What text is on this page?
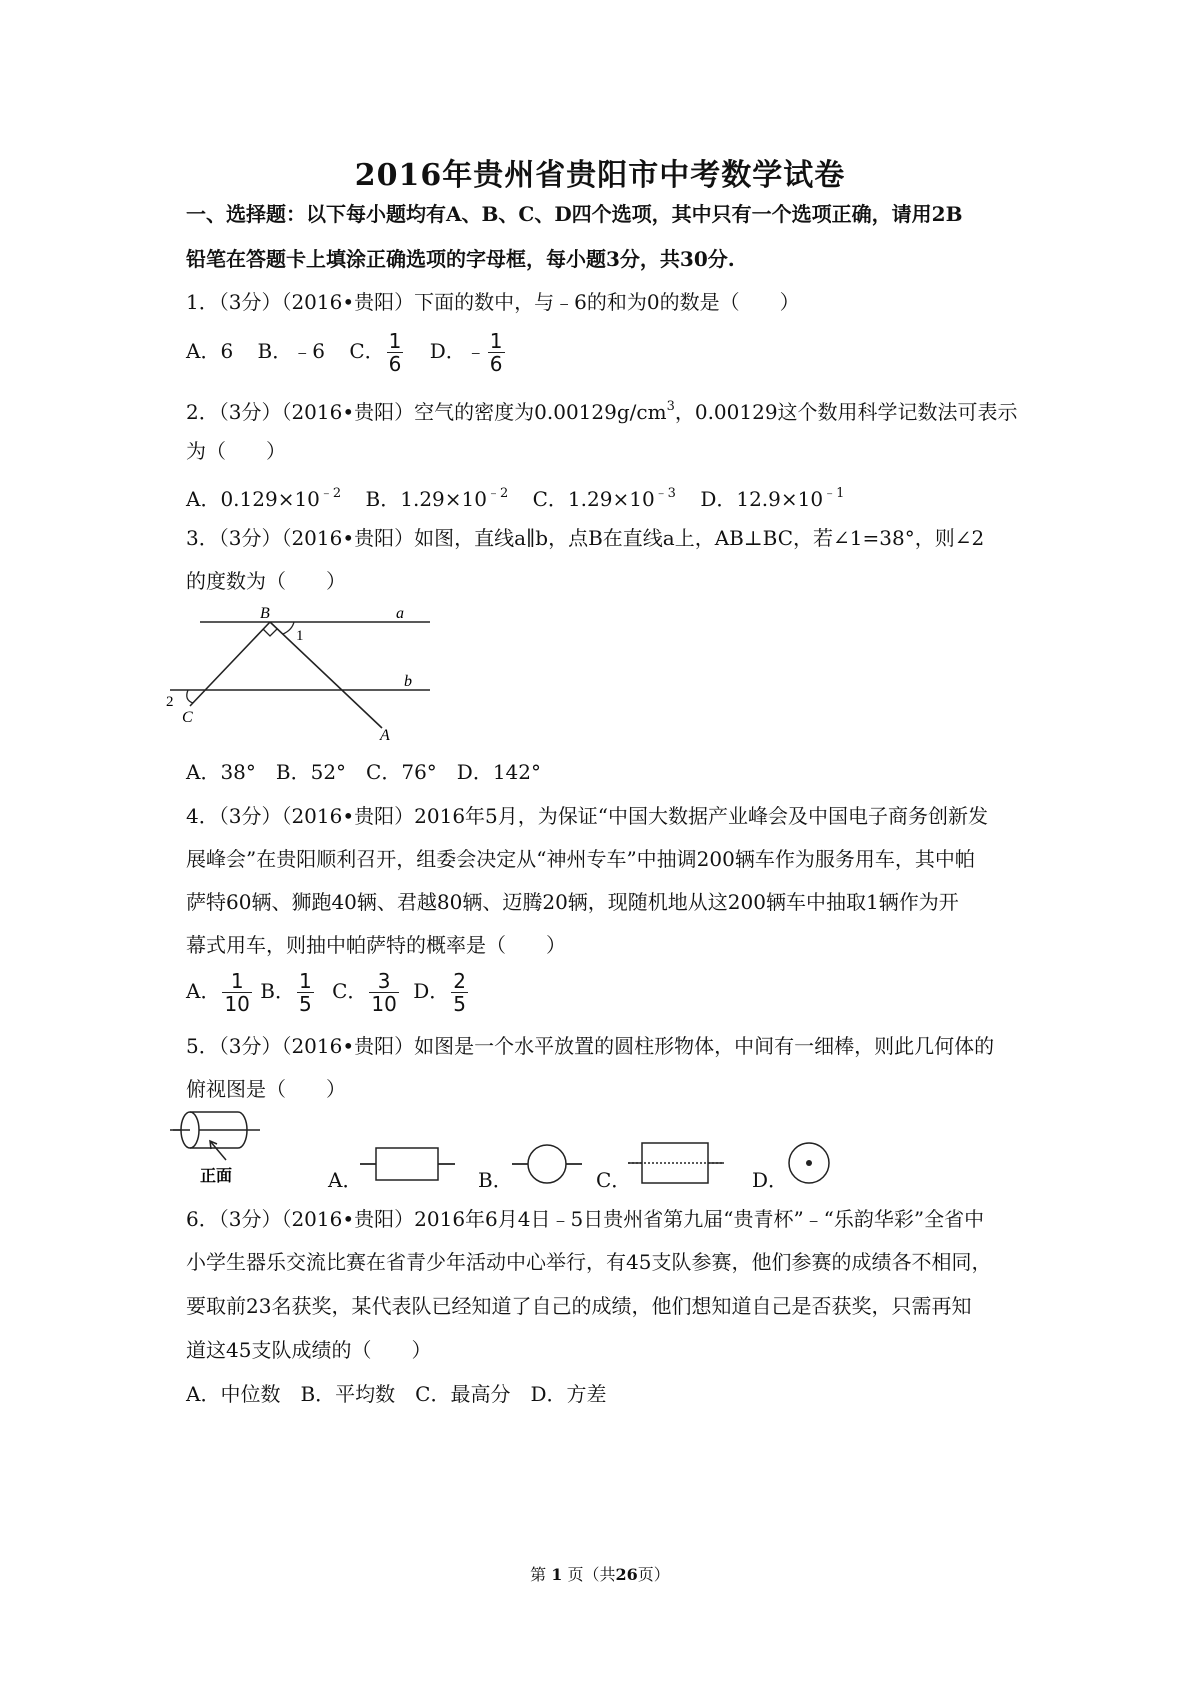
2016年贵州省贵阳市中考数学试卷
一、选择题：以下每小题均有A、B、C、D四个选项，其中只有一个选项正确，请用2B
铅笔在答题卡上填涂正确选项的字母框，每小题3分，共30分.
1．（3分）（2016•贵阳）下面的数中，与﹣6的和为0的数是（　　）
A．6 B．﹣6 C． $\frac{1}{6}$ D．﹣ $\frac{1}{6}$
2．（3分）（2016•贵阳）空气的密度为$0.00129g/cm^3$，0.00129这个数用科学记数法可表示
为（　　）
A．$0.129\times 10^{﹣2}$ B．$1.29\times 10^{﹣2}$ C．$1.29\times 10^{﹣3}$ D．$12.9\times 10^{﹣1}$
3．（3分）（2016•贵阳）如图，直线a∥b，点B在直线a上，AB⊥BC，若∠1=38°，则∠2
的度数为（　　）
B	a
1
b
2
C
A
A．38°　B．52°　C．76°　D．142°
4．（3分）（2016•贵阳）2016年5月，为保证“中国大数据产业峰会及中国电子商务创新发
展峰会”在贵阳顺利召开，组委会决定从“神州专车”中抽调200辆车作为服务用车，其中帕
萨特60辆、狮跑40辆、君越80辆、迈腾20辆，现随机地从这200辆车中抽取1辆作为开
幕式用车，则抽中帕萨特的概率是（　　）
A． $\frac{1}{10}$ B． $\frac{1}{5}$ C． $\frac{3}{10}$ D． $\frac{2}{5}$
5．（3分）（2016•贵阳）如图是一个水平放置的圆柱形物体，中间有一细棒，则此几何体的
俯视图是（　　）
正面	A．	B．	C．	D．
6．（3分）（2016•贵阳）2016年6月4日﹣5日贵州省第九届“贵青杯”﹣“乐韵华彩”全省中
小学生器乐交流比赛在省青少年活动中心举行，有45支队参赛，他们参赛的成绩各不相同，
要取前23名获奖，某代表队已经知道了自己的成绩，他们想知道自己是否获奖，只需再知
道这45支队成绩的（　　）
A．中位数　B．平均数　C．最高分　D．方差
第 1 页（共26页）
